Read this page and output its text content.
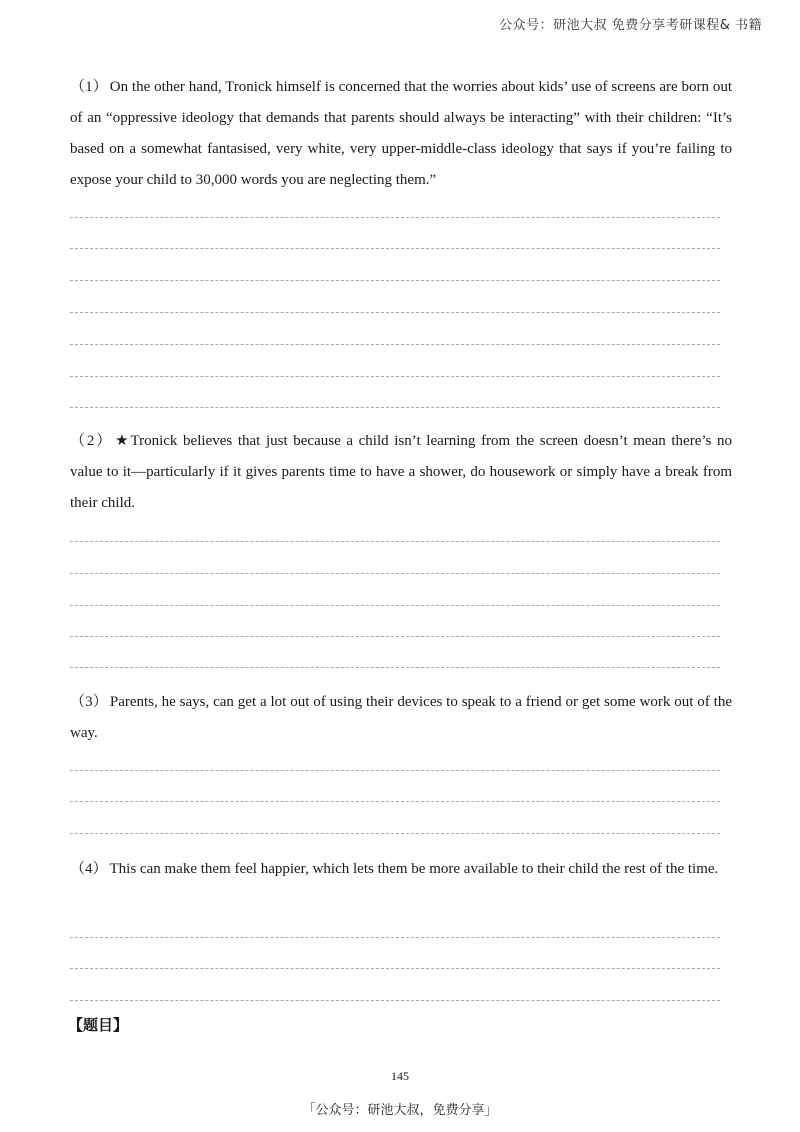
公众号：研池大叔 免费分享考研课程& 书籍
（1） On the other hand, Tronick himself is concerned that the worries about kids’ use of screens are born out of an “oppressive ideology that demands that parents should always be interacting” with their children: “It’s based on a somewhat fantasised, very white, very upper-middle-class ideology that says if you’re failing to expose your child to 30,000 words you are neglecting them.”
（2） ★Tronick believes that just because a child isn’t learning from the screen doesn’t mean there’s no value to it—particularly if it gives parents time to have a shower, do housework or simply have a break from their child.
（3） Parents, he says, can get a lot out of using their devices to speak to a friend or get some work out of the way.
（4） This can make them feel happier, which lets them be more available to their child the rest of the time.
【题目】
145
「公众号：研池大叔，免费分享」
